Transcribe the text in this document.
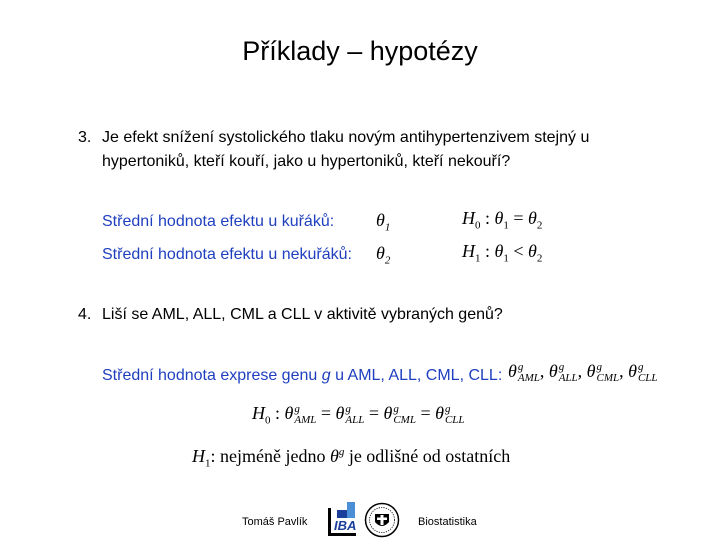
Příklady – hypotézy
3. Je efekt snížení systolického tlaku novým antihypertenzivem stejný u
hypertoniků, kteří kouří, jako u hypertoniků, kteří nekouří?
Střední hodnota efektu u kuřáků: $\theta_1$
Střední hodnota efektu u nekuřáků: $\theta_2$
$H_0$ : $\theta_1 = \theta_2$
$H_1$ : $\theta_1 < \theta_2$
4. Liší se AML, ALL, CML a CLL v aktivitě vybraných genů?
Střední hodnota exprese genu g u AML, ALL, CML, CLL: θ g
AML , θ g
ALL , θ g
CML , θ g
CLL
$H_0$ : θ g
AML = θ g
ALL = θ g
CML = θ g
CLL
$H_1$: nejméně jedno $\theta^g$ je odlišné od ostatních
Tomáš Pavlík IBA	Biostatistika
